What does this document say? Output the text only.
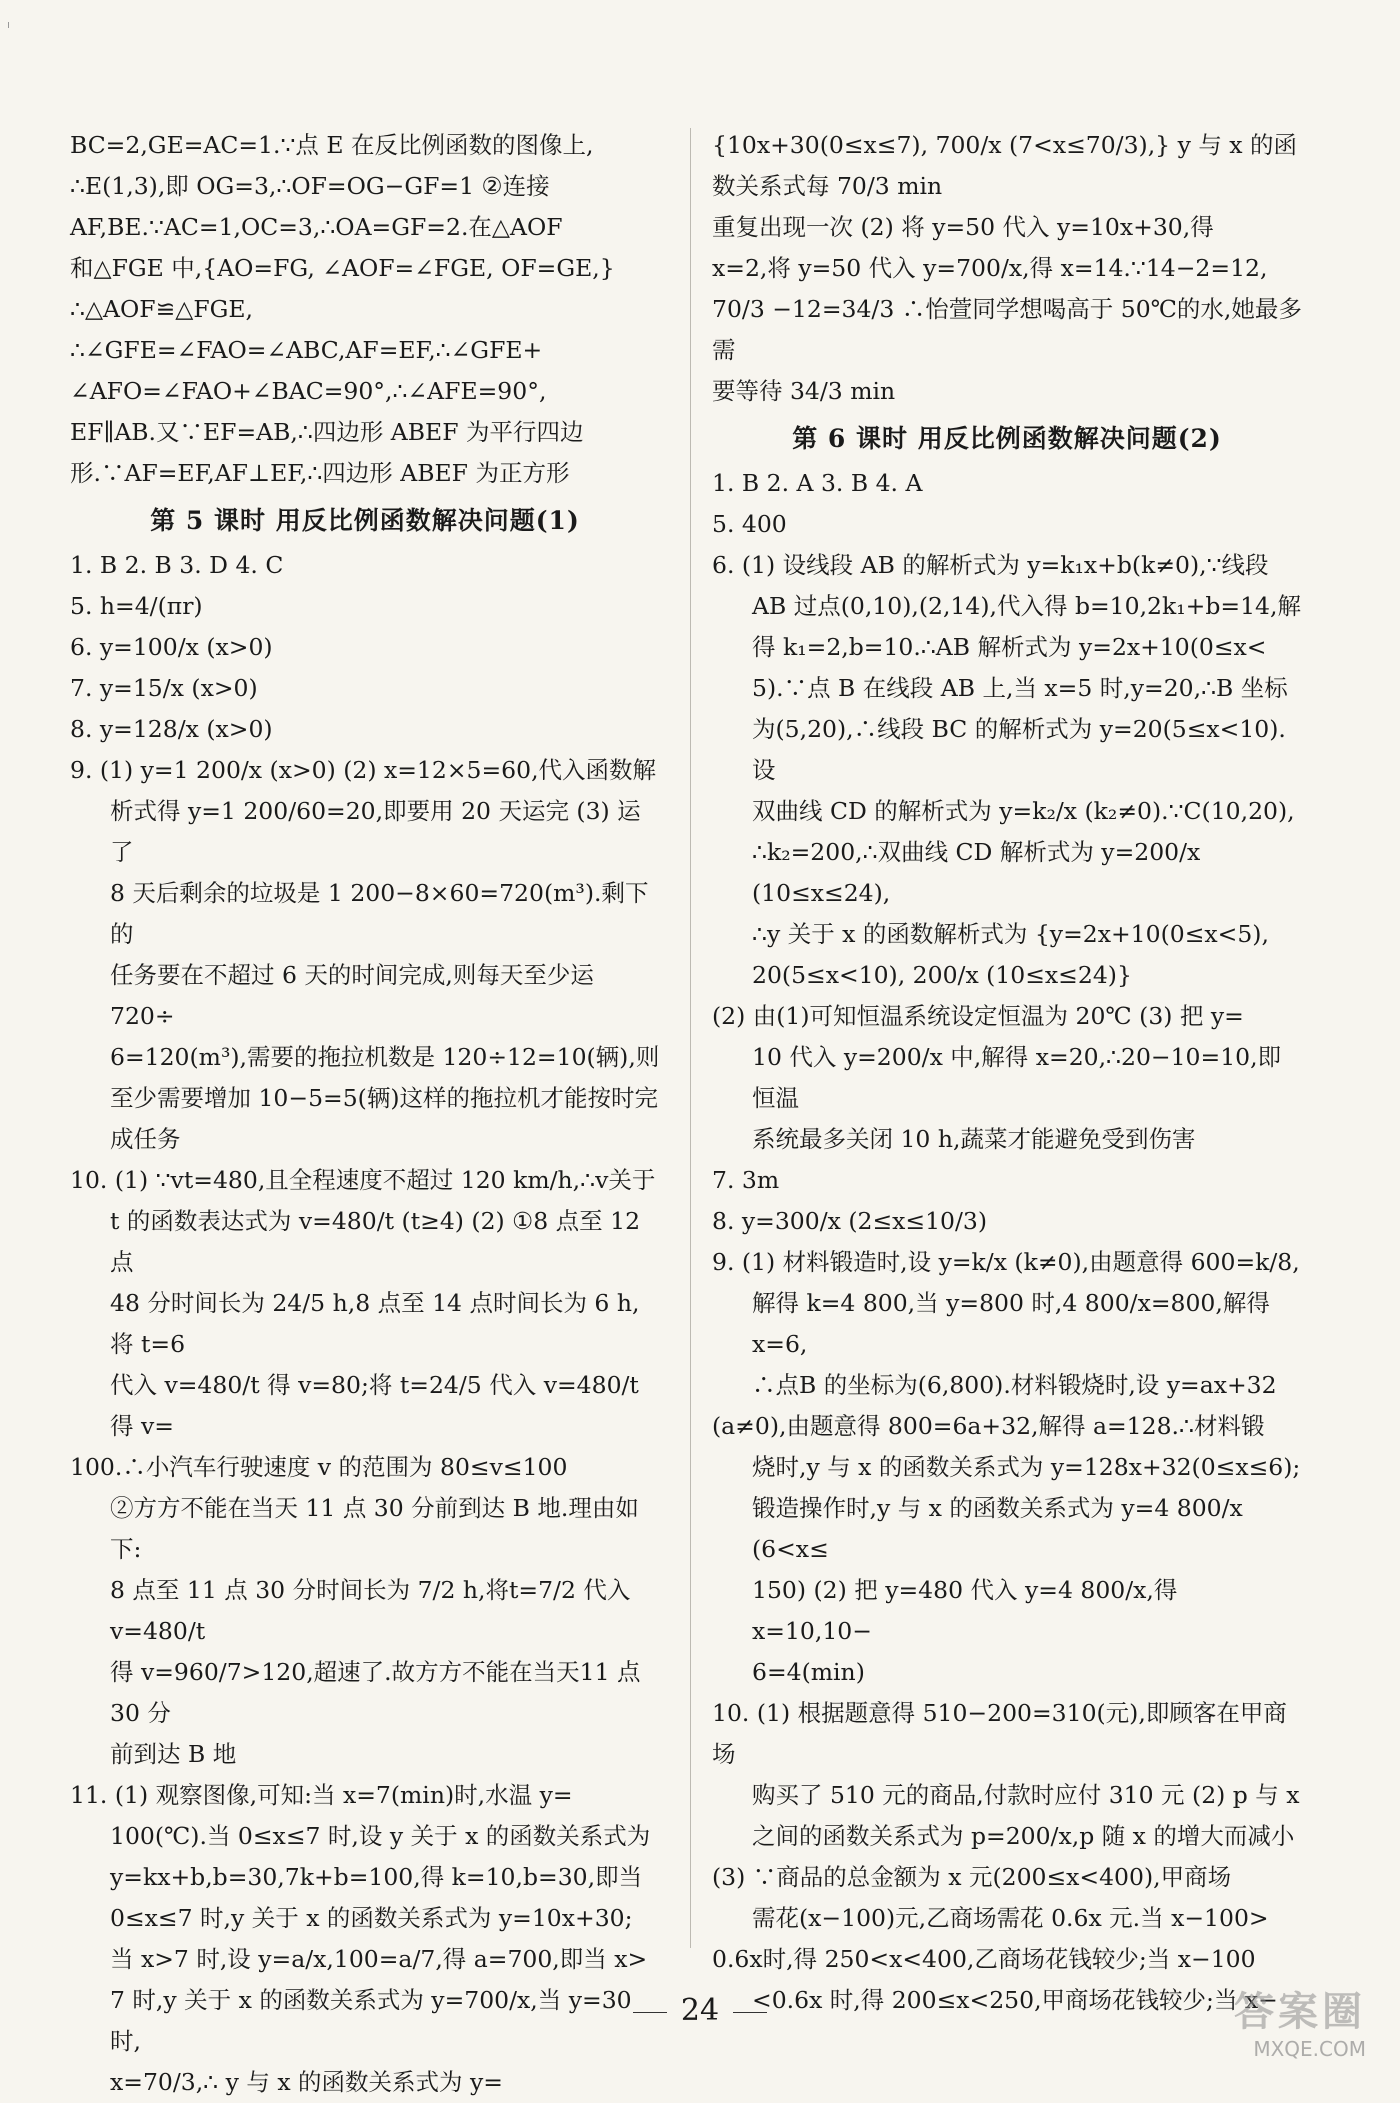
BC=2,GE=AC=1.∵点 E 在反比例函数的图像上,
∴E(1,3),即 OG=3,∴OF=OG−GF=1 ②连接
AF,BE.∵AC=1,OC=3,∴OA=GF=2.在△AOF
和△FGE 中,{AO=FG, ∠AOF=∠FGE, OF=GE,} ∴△AOF≌△FGE,
∴∠GFE=∠FAO=∠ABC,AF=EF,∴∠GFE+
∠AFO=∠FAO+∠BAC=90°,∴∠AFE=90°,
EF∥AB.又∵EF=AB,∴四边形 ABEF 为平行四边
形.∵AF=EF,AF⊥EF,∴四边形 ABEF 为正方形
第 5 课时 用反比例函数解决问题(1)
1. B 2. B 3. D 4. C
5. h=4/(πr)
6. y=100/x (x>0)
7. y=15/x (x>0)
8. y=128/x (x>0)
9. (1) y=1 200/x (x>0) (2) x=12×5=60,代入函数解
析式得 y=1 200/60=20,即要用 20 天运完 (3) 运了
8 天后剩余的垃圾是 1 200−8×60=720(m³).剩下的
任务要在不超过 6 天的时间完成,则每天至少运 720÷
6=120(m³),需要的拖拉机数是 120÷12=10(辆),则
至少需要增加 10−5=5(辆)这样的拖拉机才能按时完
成任务
10. (1) ∵vt=480,且全程速度不超过 120 km/h,∴v关于
t 的函数表达式为 v=480/t (t≥4) (2) ①8 点至 12 点
48 分时间长为 24/5 h,8 点至 14 点时间长为 6 h,将 t=6
代入 v=480/t 得 v=80;将 t=24/5 代入 v=480/t 得 v=
100.∴小汽车行驶速度 v 的范围为 80≤v≤100
②方方不能在当天 11 点 30 分前到达 B 地.理由如下:
8 点至 11 点 30 分时间长为 7/2 h,将t=7/2 代入 v=480/t
得 v=960/7>120,超速了.故方方不能在当天11 点 30 分
前到达 B 地
11. (1) 观察图像,可知:当 x=7(min)时,水温 y=
100(℃).当 0≤x≤7 时,设 y 关于 x 的函数关系式为
y=kx+b,b=30,7k+b=100,得 k=10,b=30,即当
0≤x≤7 时,y 关于 x 的函数关系式为 y=10x+30;
当 x>7 时,设 y=a/x,100=a/7,得 a=700,即当 x>
7 时,y 关于 x 的函数关系式为 y=700/x,当 y=30 时,
x=70/3,∴ y 与 x 的函数关系式为 y=
{10x+30(0≤x≤7), 700/x (7<x≤70/3),} y 与 x 的函数关系式每 70/3 min
重复出现一次 (2) 将 y=50 代入 y=10x+30,得
x=2,将 y=50 代入 y=700/x,得 x=14.∵14−2=12,
70/3 −12=34/3 ∴怡萱同学想喝高于 50℃的水,她最多需
要等待 34/3 min
第 6 课时 用反比例函数解决问题(2)
1. B 2. A 3. B 4. A
5. 400
6. (1) 设线段 AB 的解析式为 y=k₁x+b(k≠0),∵线段
AB 过点(0,10),(2,14),代入得 b=10,2k₁+b=14,解
得 k₁=2,b=10.∴AB 解析式为 y=2x+10(0≤x<
5).∵点 B 在线段 AB 上,当 x=5 时,y=20,∴B 坐标
为(5,20),∴线段 BC 的解析式为 y=20(5≤x<10).设
双曲线 CD 的解析式为 y=k₂/x (k₂≠0).∵C(10,20),
∴k₂=200,∴双曲线 CD 解析式为 y=200/x (10≤x≤24),
∴y 关于 x 的函数解析式为 {y=2x+10(0≤x<5), 20(5≤x<10), 200/x (10≤x≤24)}
(2) 由(1)可知恒温系统设定恒温为 20℃ (3) 把 y=
10 代入 y=200/x 中,解得 x=20,∴20−10=10,即恒温
系统最多关闭 10 h,蔬菜才能避免受到伤害
7. 3m
8. y=300/x (2≤x≤10/3)
9. (1) 材料锻造时,设 y=k/x (k≠0),由题意得 600=k/8,
解得 k=4 800,当 y=800 时,4 800/x=800,解得 x=6,
∴点B 的坐标为(6,800).材料锻烧时,设 y=ax+32
(a≠0),由题意得 800=6a+32,解得 a=128.∴材料锻
烧时,y 与 x 的函数关系式为 y=128x+32(0≤x≤6);
锻造操作时,y 与 x 的函数关系式为 y=4 800/x (6<x≤
150) (2) 把 y=480 代入 y=4 800/x,得 x=10,10−
6=4(min)
10. (1) 根据题意得 510−200=310(元),即顾客在甲商场
购买了 510 元的商品,付款时应付 310 元 (2) p 与 x
之间的函数关系式为 p=200/x,p 随 x 的增大而减小
(3) ∵商品的总金额为 x 元(200≤x<400),甲商场
需花(x−100)元,乙商场需花 0.6x 元.当 x−100>
0.6x时,得 250<x<400,乙商场花钱较少;当 x−100
<0.6x 时,得 200≤x<250,甲商场花钱较少;当 x−
24	答案圈
MXQE.COM
